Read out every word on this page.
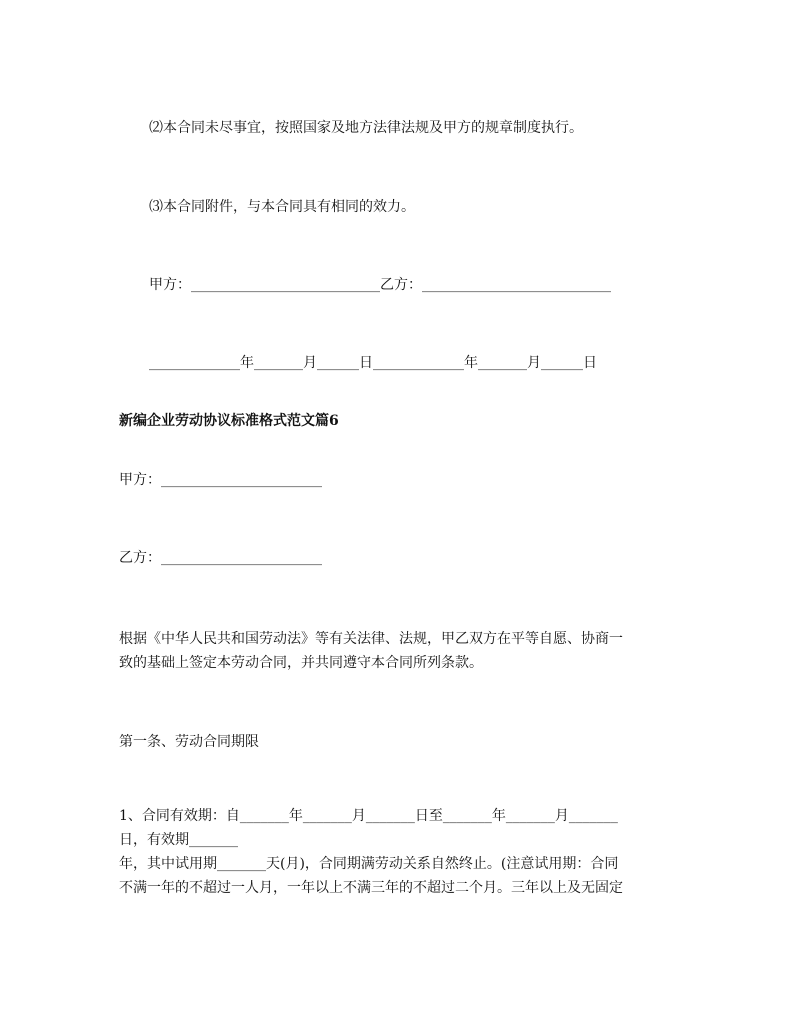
⑵本合同未尽事宜，按照国家及地方法律法规及甲方的规章制度执行。
⑶本合同附件，与本合同具有相同的效力。
甲方：___________________________乙方：___________________________
_____________年_______月______日_____________年_______月______日
新编企业劳动协议标准格式范文篇6
甲方：_______________________
乙方：_______________________
根据《中华人民共和国劳动法》等有关法律、法规，甲乙双方在平等自愿、协商一
致的基础上签定本劳动合同，并共同遵守本合同所列条款。
第一条、劳动合同期限
1、合同有效期：自_______年_______月_______日至_______年_______月_______
日，有效期_______
年，其中试用期_______天(月)，合同期满劳动关系自然终止。(注意试用期：合同
不满一年的不超过一人月，一年以上不满三年的不超过二个月。三年以上及无固定
